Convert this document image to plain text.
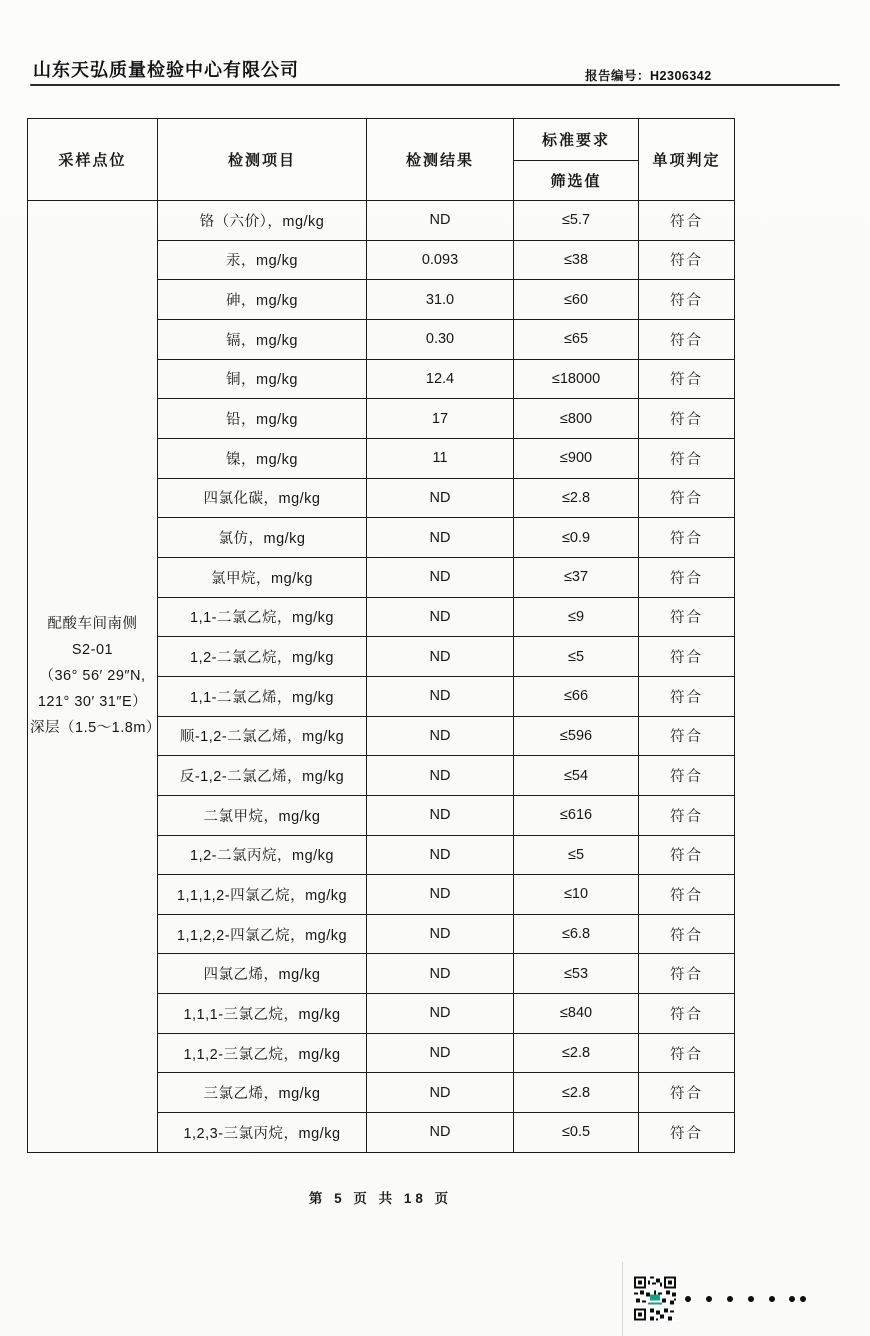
山东天弘质量检验中心有限公司	报告编号：H2306342
采样点位	检测项目	检测结果	标准要求	单项判定
			筛选值	

配酸车间南侧
S2-01
（36° 56′ 29″N,
121° 30′ 31″E）
深层（1.5～1.8m）	铬（六价），mg/kg	ND	≤5.7	符合
	汞，mg/kg	0.093	≤38	符合
	砷，mg/kg	31.0	≤60	符合
	镉，mg/kg	0.30	≤65	符合
	铜，mg/kg	12.4	≤18000	符合
	铅，mg/kg	17	≤800	符合
	镍，mg/kg	11	≤900	符合
	四氯化碳，mg/kg	ND	≤2.8	符合
	氯仿，mg/kg	ND	≤0.9	符合
	氯甲烷，mg/kg	ND	≤37	符合
	1,1-二氯乙烷，mg/kg	ND	≤9	符合
	1,2-二氯乙烷，mg/kg	ND	≤5	符合
	1,1-二氯乙烯，mg/kg	ND	≤66	符合
	顺-1,2-二氯乙烯，mg/kg	ND	≤596	符合
	反-1,2-二氯乙烯，mg/kg	ND	≤54	符合
	二氯甲烷，mg/kg	ND	≤616	符合
	1,2-二氯丙烷，mg/kg	ND	≤5	符合
	1,1,1,2-四氯乙烷，mg/kg	ND	≤10	符合
	1,1,2,2-四氯乙烷，mg/kg	ND	≤6.8	符合
	四氯乙烯，mg/kg	ND	≤53	符合
	1,1,1-三氯乙烷，mg/kg	ND	≤840	符合
	1,1,2-三氯乙烷，mg/kg	ND	≤2.8	符合
	三氯乙烯，mg/kg	ND	≤2.8	符合
	1,2,3-三氯丙烷，mg/kg	ND	≤0.5	符合
第 5 页 共 18 页
